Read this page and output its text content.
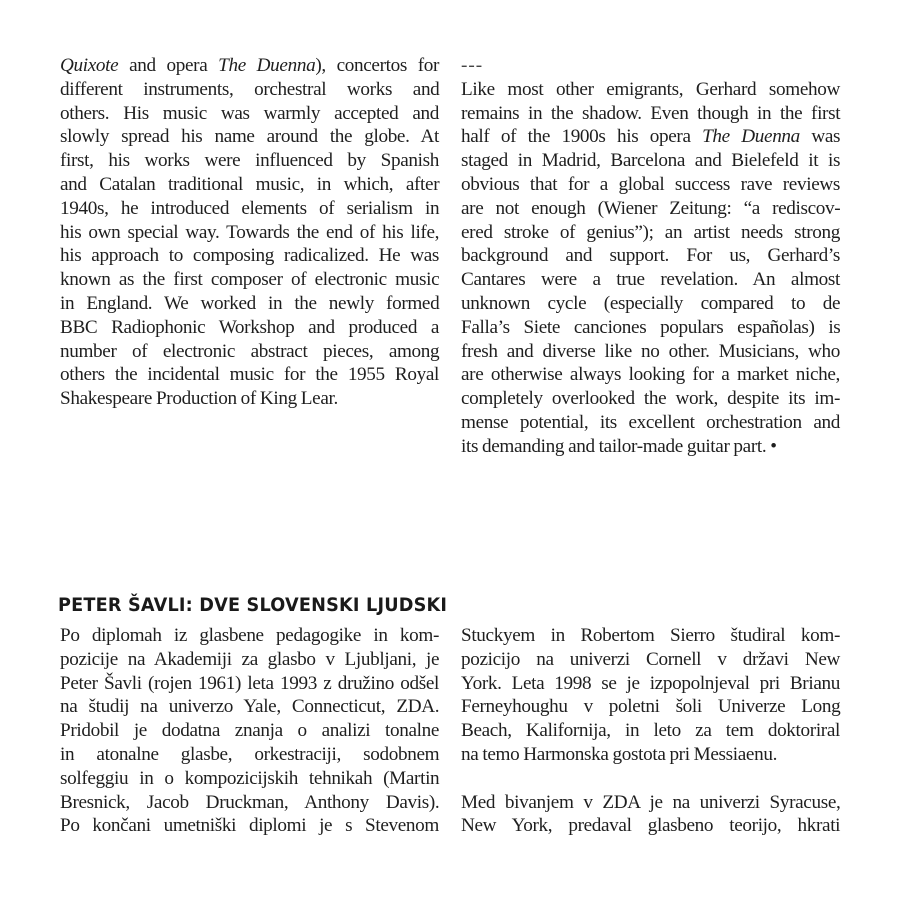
Quixote and opera The Duenna), concertos for
different instruments, orchestral works and
others. His music was warmly accepted and
slowly spread his name around the globe. At
first, his works were influenced by Spanish
and Catalan traditional music, in which, after
1940s, he introduced elements of serialism in
his own special way. Towards the end of his life,
his approach to composing radicalized. He was
known as the first composer of electronic music
in England. We worked in the newly formed
BBC Radiophonic Workshop and produced a
number of electronic abstract pieces, among
others the incidental music for the 1955 Royal
Shakespeare Production of King Lear.
---
Like most other emigrants, Gerhard somehow
remains in the shadow. Even though in the first
half of the 1900s his opera The Duenna was
staged in Madrid, Barcelona and Bielefeld it is
obvious that for a global success rave reviews
are not enough (Wiener Zeitung: “a rediscov-
ered stroke of genius”); an artist needs strong
background and support. For us, Gerhard’s
Cantares were a true revelation. An almost
unknown cycle (especially compared to de
Falla’s Siete canciones populars españolas) is
fresh and diverse like no other. Musicians, who
are otherwise always looking for a market niche,
completely overlooked the work, despite its im-
mense potential, its excellent orchestration and
its demanding and tailor-made guitar part. •
PETER ŠAVLI: DVE SLOVENSKI LJUDSKI
Po diplomah iz glasbene pedagogike in kom-
pozicije na Akademiji za glasbo v Ljubljani, je
Peter Šavli (rojen 1961) leta 1993 z družino odšel
na študij na univerzo Yale, Connecticut, ZDA.
Pridobil je dodatna znanja o analizi tonalne
in atonalne glasbe, orkestraciji, sodobnem
solfeggiu in o kompozicijskih tehnikah (Martin
Bresnick, Jacob Druckman, Anthony Davis).
Po končani umetniški diplomi je s Stevenom
Stuckyem in Robertom Sierro študiral kom-
pozicijo na univerzi Cornell v državi New
York. Leta 1998 se je izpopolnjeval pri Brianu
Ferneyhoughu v poletni šoli Univerze Long
Beach, Kalifornija, in leto za tem doktoriral
na temo Harmonska gostota pri Messiaenu.
Med bivanjem v ZDA je na univerzi Syracuse,
New York, predaval glasbeno teorijo, hkrati
